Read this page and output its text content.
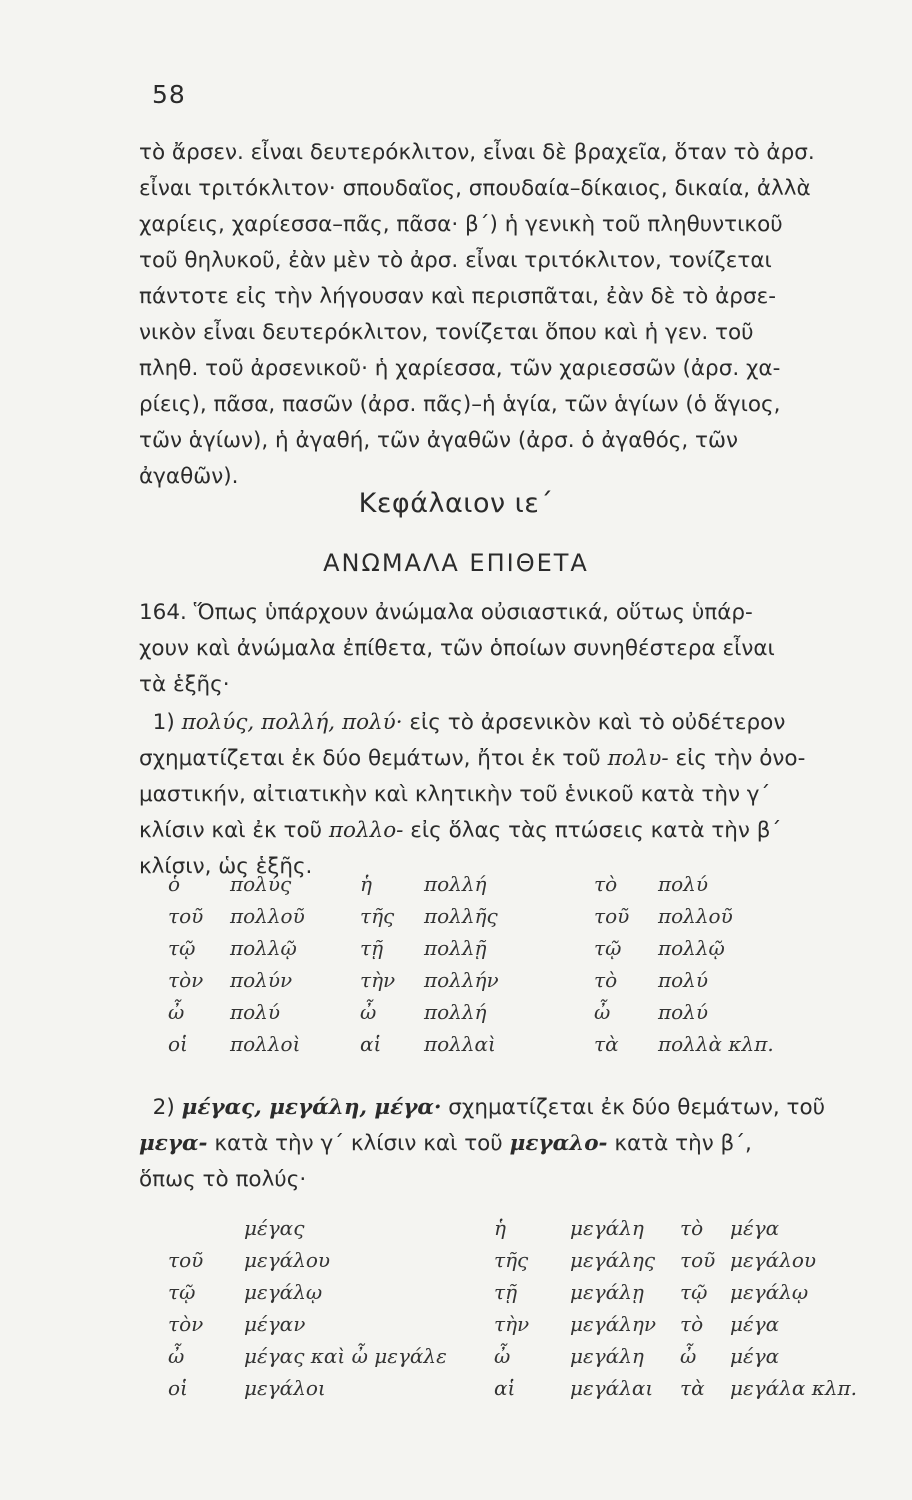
58
τὸ ἄρσεν. εἶναι δευτερόκλιτον, εἶναι δὲ βραχεῖα, ὅταν τὸ ἀρσ.
εἶναι τριτόκλιτον· σπουδαῖος, σπουδαία–δίκαιος, δικαία, ἀλλὰ
χαρίεις, χαρίεσσα–πᾶς, πᾶσα· β΄) ἡ γενικὴ τοῦ πληθυντικοῦ
τοῦ θηλυκοῦ, ἐὰν μὲν τὸ ἀρσ. εἶναι τριτόκλιτον, τονίζεται
πάντοτε εἰς τὴν λήγουσαν καὶ περισπᾶται, ἐὰν δὲ τὸ ἀρσε-
νικὸν εἶναι δευτερόκλιτον, τονίζεται ὅπου καὶ ἡ γεν. τοῦ
πληθ. τοῦ ἀρσενικοῦ· ἡ χαρίεσσα, τῶν χαριεσσῶν (ἀρσ. χα-
ρίεις), πᾶσα, πασῶν (ἀρσ. πᾶς)–ἡ ἁγία, τῶν ἁγίων (ὁ ἅγιος,
τῶν ἁγίων), ἡ ἀγαθή, τῶν ἀγαθῶν (ἀρσ. ὁ ἀγαθός, τῶν
ἀγαθῶν).
Κεφάλαιον ιε΄
ΑΝΩΜΑΛΑ ΕΠΙΘΕΤΑ
164. Ὅπως ὑπάρχουν ἀνώμαλα οὐσιαστικά, οὕτως ὑπάρ-
χουν καὶ ἀνώμαλα ἐπίθετα, τῶν ὁποίων συνηθέστερα εἶναι
τὰ ἑξῆς·
1) πολύς, πολλή, πολύ· εἰς τὸ ἀρσενικὸν καὶ τὸ οὐδέτερον
σχηματίζεται ἐκ δύο θεμάτων, ἤτοι ἐκ τοῦ πολυ- εἰς τὴν ὀνο-
μαστικήν, αἰτιατικὴν καὶ κλητικὴν τοῦ ἑνικοῦ κατὰ τὴν γ΄
κλίσιν καὶ ἐκ τοῦ πολλο- εἰς ὅλας τὰς πτώσεις κατὰ τὴν β΄
κλίσιν, ὡς ἑξῆς.
ὁ	πολύς	ἡ	πολλή	τὸ	πολύ
τοῦ	πολλοῦ	τῆς	πολλῆς	τοῦ	πολλοῦ
τῷ	πολλῷ	τῇ	πολλῇ	τῷ	πολλῷ
τὸν	πολύν	τὴν	πολλήν	τὸ	πολύ
ὦ	πολύ	ὦ	πολλή	ὦ	πολύ
οἱ	πολλοὶ	αἱ	πολλαὶ	τὰ	πολλὰ κλπ.
2) μέγας, μεγάλη, μέγα· σχηματίζεται ἐκ δύο θεμάτων, τοῦ
μεγα- κατὰ τὴν γ΄ κλίσιν καὶ τοῦ μεγαλο- κατὰ τὴν β΄,
ὅπως τὸ πολύς·
	μέγας	ἡ	μεγάλη	τὸ	μέγα
τοῦ	μεγάλου	τῆς	μεγάλης	τοῦ	μεγάλου
τῷ	μεγάλῳ	τῇ	μεγάλῃ	τῷ	μεγάλῳ
τὸν	μέγαν	τὴν	μεγάλην	τὸ	μέγα
ὦ	μέγας καὶ ὦ μεγάλε	ὦ	μεγάλη	ὦ	μέγα
οἱ	μεγάλοι	αἱ	μεγάλαι	τὰ	μεγάλα κλπ.
